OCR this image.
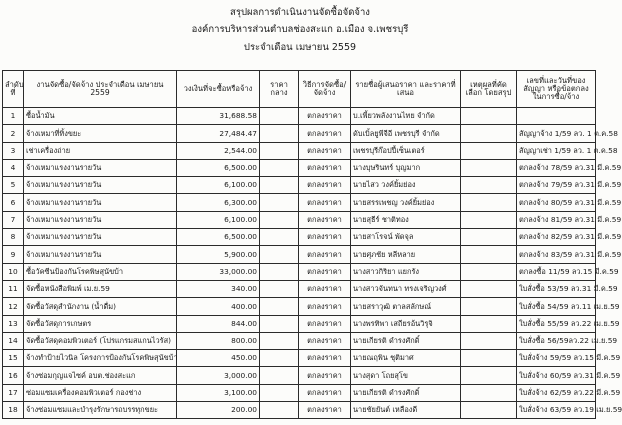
สรุปผลการดำเนินงานจัดซื้อจัดจ้าง
องค์การบริหารส่วนตำบลช่องสะแก อ.เมือง จ.เพชรบุรี
ประจำเดือน เมษายน 2559
ลำดับที่	งานจัดซื้อ/จัดจ้าง ประจำเดือน เมษายน 2559	วงเงินที่จะซื้อหรือจ้าง	ราคากลาง	วิธีการจัดซื้อ/จัดจ้าง	รายชื่อผู้เสนอราคา และราคาที่เสนอ	เหตุผลที่คัดเลือก โดยสรุป	เลขที่และวันที่ของสัญญา หรือข้อตกลงในการซื้อ/จ้าง
1	ซื้อน้ำมัน	31,688.58		ตกลงราคา	บ.เพี้ยวพลังงานไทย จำกัด		
2	จ้างเหมาที่ทิ้งขยะ	27,484.47		ตกลงราคา	ดับเบิ้ลยูพีจีอี เพชรบุรี จำกัด		สัญญาจ้าง 1/59 ลว. 1 ต.ค.58
3	เช่าเครื่องถ่าย	2,544.00		ตกลงราคา	เพชรบุรีก๊อปปี้เซ็นเตอร์		สัญญาเช่า 1/59 ลว. 1 ต.ค.58
4	จ้างเหมาแรงงานรายวัน	6,500.00		ตกลงราคา	นางบุษรินทร์ บุญมาก		ตกลงจ้าง 78/59 ลว.31 มี.ค.59
5	จ้างเหมาแรงงานรายวัน	6,100.00		ตกลงราคา	นายไสว วงค์ยิ้มย่อง		ตกลงจ้าง 79/59 ลว.31 มี.ค.59
6	จ้างเหมาแรงงานรายวัน	6,300.00		ตกลงราคา	นายสรรเพชญ วงค์ยิ้มย่อง		ตกลงจ้าง 80/59 ลว.31 มี.ค.59
7	จ้างเหมาแรงงานรายวัน	6,100.00		ตกลงราคา	นายสุธีร์ ชาติทอง		ตกลงจ้าง 81/59 ลว.31 มี.ค.59
8	จ้างเหมาแรงงานรายวัน	6,500.00		ตกลงราคา	นายสาโรจน์ พัดจุล		ตกลงจ้าง 82/59 ลว.31 มี.ค.59
9	จ้างเหมาแรงงานรายวัน	5,900.00		ตกลงราคา	นายศุภชัย หลีหลาย		ตกลงจ้าง 83/59 ลว.31 มี.ค.59
10	ซื้อวัคซีนป้องกันโรคพิษสุนัขบ้า	33,000.00		ตกลงราคา	นางสาวกิริยา แยกรัง		ตกลงซื้อ 11/59 ลว.15 มี.ค.59
11	จัดซื้อหนังสือพิมพ์ เม.ย.59	340.00		ตกลงราคา	นางสาวจันทนา ทรงเจริญวงศ์		ใบสั่งซื้อ 53/59 ลว.31 มี.ค.59
12	จัดซื้อวัสดุสำนักงาน (น้ำดื่ม)	400.00		ตกลงราคา	นายสราวุฒิ ตาลสลักษณ์		ใบสั่งซื้อ 54/59 ลว.11 เม.ย.59
13	จัดซื้อวัสดุการเกษตร	844.00		ตกลงราคา	นางพรทิพา เสถียรอ้นวิรุจิ		ใบสั่งซื้อ 55/59 ลว.22 เม.ย.59
14	จัดซื้อวัสดุคอมพิวเตอร์ (โปรแกรมสแกนไวรัส)	800.00		ตกลงราคา	นายเกียรติ ดำรงศักดิ์		ใบสั่งซื้อ 56/59ลว.22 เม.ย.59
15	จ้างทำป้ายไวนิล โครงการป้องกันโรคพิษสุนัขบ้า	450.00		ตกลงราคา	นายณฤพิน ชุติมาศ		ใบสั่งจ้าง 59/59 ลว.15 มี.ค.59
16	จ้างซ่อมกุญแจไซค์ อบต.ช่องสะแก	3,000.00		ตกลงราคา	นางสุดา โถยสุโข		ใบสั่งจ้าง 60/59 ลว.31 มี.ค.59
17	ซ่อมแซมเครื่องคอมพิวเตอร์ กองช่าง	3,100.00		ตกลงราคา	นายเกียรติ ดำรงศักดิ์		ใบสั่งจ้าง 62/59 ลว.22 มี.ค.59
18	จ้างซ่อมแซมและบำรุงรักษารถบรรทุกขยะ	200.00		ตกลงราคา	นายชัยยันต์ เหลืองดี		ใบสั่งจ้าง 63/59 ลว.19 เม.ย.59
